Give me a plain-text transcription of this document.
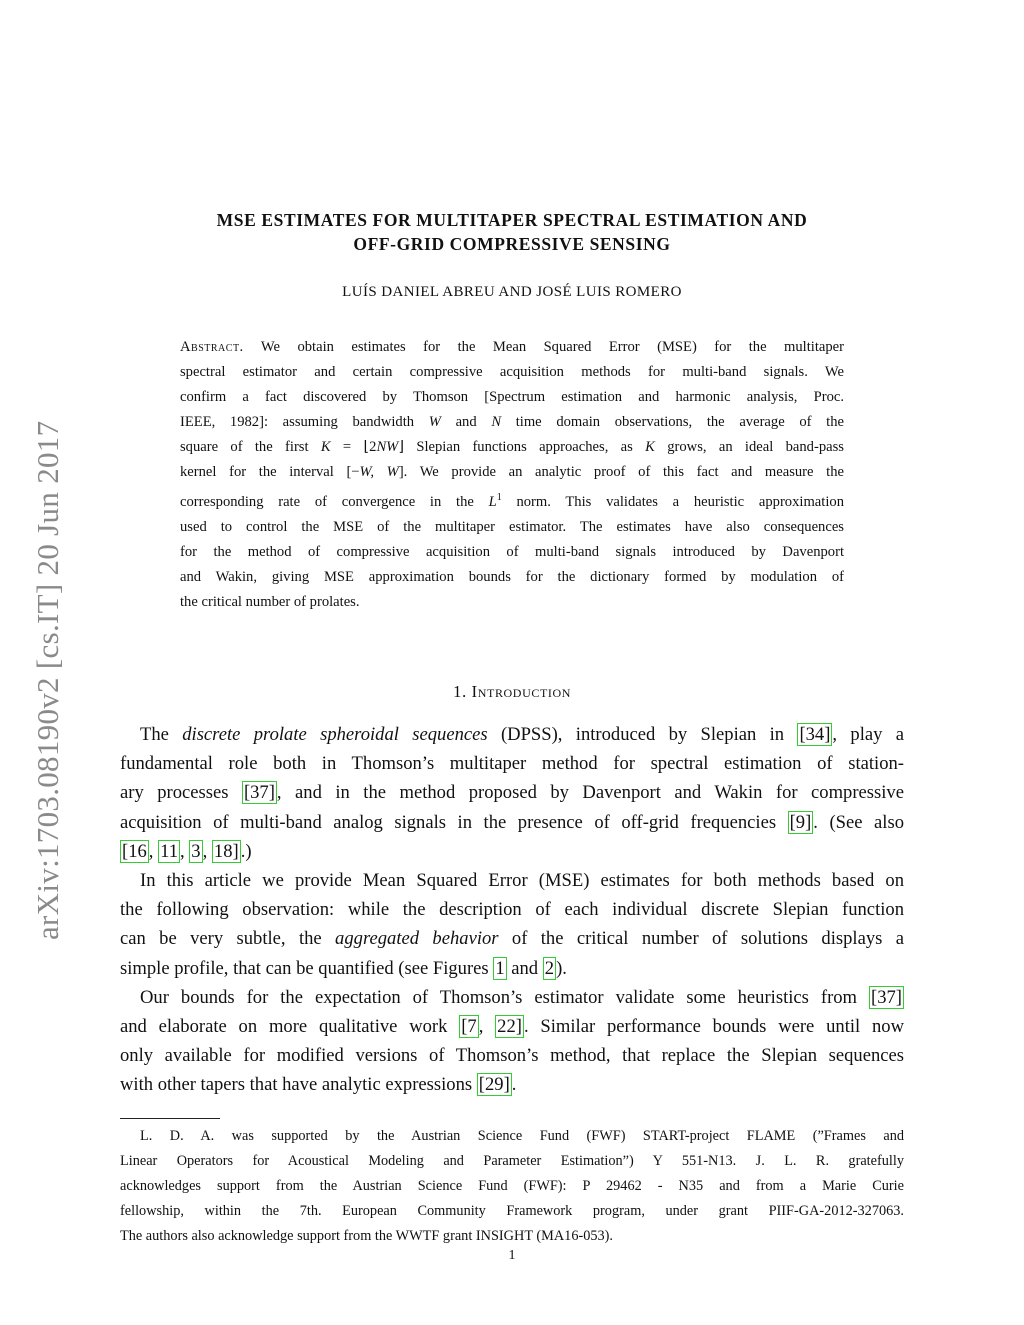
arXiv:1703.08190v2 [cs.IT] 20 Jun 2017
MSE ESTIMATES FOR MULTITAPER SPECTRAL ESTIMATION AND
OFF-GRID COMPRESSIVE SENSING
LUÍS DANIEL ABREU AND JOSÉ LUIS ROMERO
Abstract. We obtain estimates for the Mean Squared Error (MSE) for the multitaper
spectral estimator and certain compressive acquisition methods for multi-band signals. We
confirm a fact discovered by Thomson [Spectrum estimation and harmonic analysis, Proc.
IEEE, 1982]: assuming bandwidth W and N time domain observations, the average of the
square of the first K = ⌊2NW⌋ Slepian functions approaches, as K grows, an ideal band-pass
kernel for the interval [−W, W]. We provide an analytic proof of this fact and measure the
corresponding rate of convergence in the $L^1$ norm. This validates a heuristic approximation
used to control the MSE of the multitaper estimator. The estimates have also consequences
for the method of compressive acquisition of multi-band signals introduced by Davenport
and Wakin, giving MSE approximation bounds for the dictionary formed by modulation of
the critical number of prolates.
1. Introduction
The discrete prolate spheroidal sequences (DPSS), introduced by Slepian in [34] , play a
fundamental role both in Thomson’s multitaper method for spectral estimation of station-
ary processes [37] , and in the method proposed by Davenport and Wakin for compressive
acquisition of multi-band analog signals in the presence of off-grid frequencies [9] . (See also
[16 , 11 , 3 , 18] .)
In this article we provide Mean Squared Error (MSE) estimates for both methods based on
the following observation: while the description of each individual discrete Slepian function
can be very subtle, the aggregated behavior of the critical number of solutions displays a
simple profile, that can be quantified (see Figures 1 and 2 ).
Our bounds for the expectation of Thomson’s estimator validate some heuristics from [37]
and elaborate on more qualitative work [7 , 22] . Similar performance bounds were until now
only available for modified versions of Thomson’s method, that replace the Slepian sequences
with other tapers that have analytic expressions [29] .
L. D. A. was supported by the Austrian Science Fund (FWF) START-project FLAME (”Frames and
Linear Operators for Acoustical Modeling and Parameter Estimation”) Y 551-N13. J. L. R. gratefully
acknowledges support from the Austrian Science Fund (FWF): P 29462 - N35 and from a Marie Curie
fellowship, within the 7th. European Community Framework program, under grant PIIF-GA-2012-327063.
The authors also acknowledge support from the WWTF grant INSIGHT (MA16-053).
1
